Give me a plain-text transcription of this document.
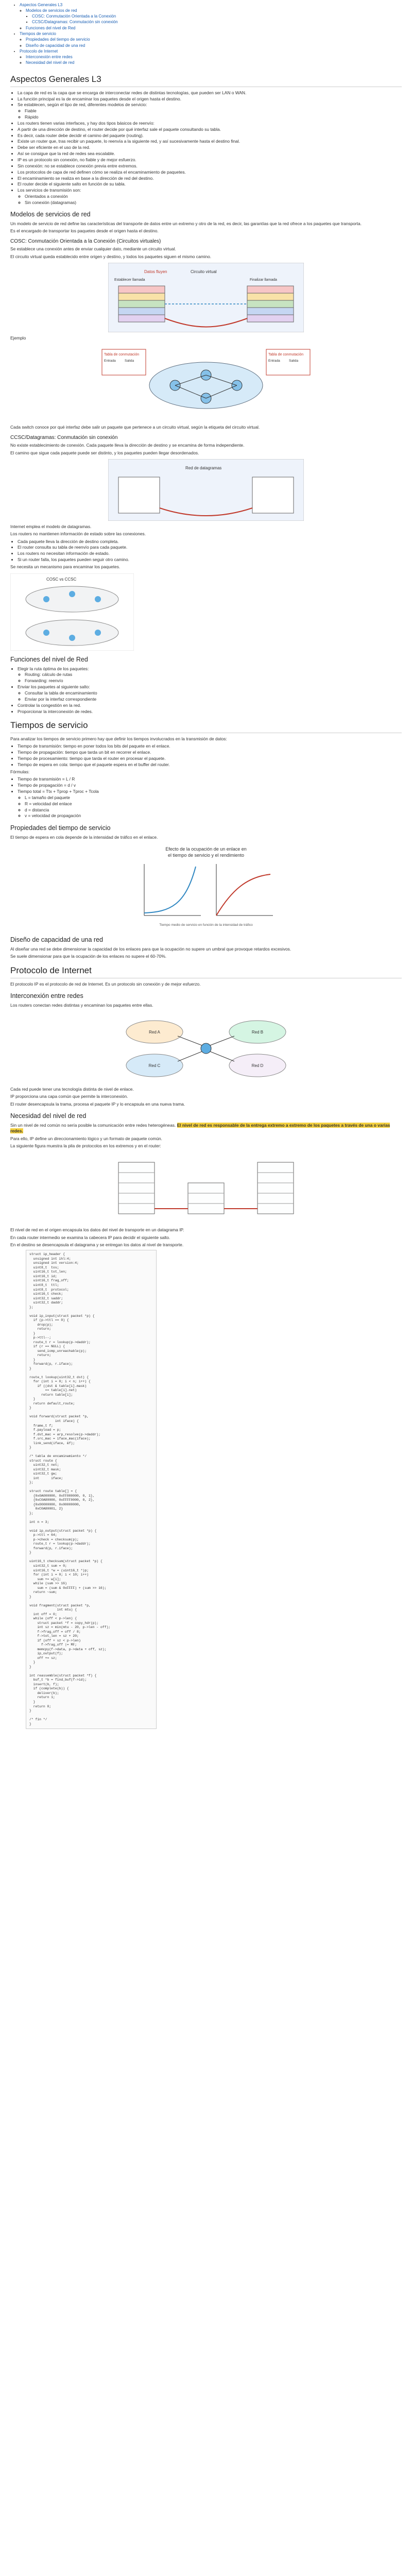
• Aspectos Generales L3
◦ Modelos de servicios de red
▪ COSC: Conmutación Orientada a la Conexión
▪ CCSC/Datagramas: Conmutación sin conexión
◦ Funciones del nivel de Red
• Tiempos de servicio
◦ Propiedades del tiempo de servicio
◦ Diseño de capacidad de una red
• Protocolo de Internet
◦ Interconexión entre redes
◦ Necesidad del nivel de red
Aspectos Generales L3
• La capa de red es la capa que se encarga de interconectar redes de distintas tecnologías, que pueden ser LAN o WAN.
• La función principal es la de encaminar los paquetes desde el origen hasta el destino.
• Se establecen, según el tipo de red, diferentes modelos de servicio:
◦ Fiable
◦ Rápido
• Los routers tienen varias interfaces, y hay dos tipos básicos de reenvío:
• A partir de una dirección de destino, el router decide por qué interfaz sale el paquete consultando su tabla.
• Es decir, cada router debe decidir el camino del paquete (routing).
• Existe un router que, tras recibir un paquete, lo reenvía a la siguiente red, y así sucesivamente hasta el destino final.
• Debe ser eficiente en el uso de la red.
• Así se consigue que la red de redes sea escalable.
• IP es un protocolo sin conexión, no fiable y de mejor esfuerzo.
• Sin conexión: no se establece conexión previa entre extremos.
• Los protocolos de capa de red definen cómo se realiza el encaminamiento de paquetes.
• El encaminamiento se realiza en base a la dirección de red del destino.
• El router decide el siguiente salto en función de su tabla.
• Los servicios de transmisión son:
◦ Orientados a conexión
◦ Sin conexión (datagramas)
Modelos de servicios de red

Un modelo de servicio de red define las características del transporte de datos entre un extremo y otro de la red, es decir, las garantías que la red ofrece a los paquetes que transporta.

Es el encargado de transportar los paquetes desde el origen hasta el destino.

COSC: Conmutación Orientada a la Conexión (Circuitos virtuales)

Se establece una conexión antes de enviar cualquier dato, mediante un circuito virtual.

El circuito virtual queda establecido entre origen y destino, y todos los paquetes siguen el mismo camino.

Datos fluyen	Circuito virtual
Establecer llamada	Finalizar llamada

Ejemplo

Tabla de conmutación
Entrada	Salida
Tabla de conmutación
Entrada	Salida

Cada switch conoce por qué interfaz debe salir un paquete que pertenece a un circuito virtual, según la etiqueta del circuito virtual.

CCSC/Datagramas: Conmutación sin conexión

No existe establecimiento de conexión. Cada paquete lleva la dirección de destino y se encamina de forma independiente.

El camino que sigue cada paquete puede ser distinto, y los paquetes pueden llegar desordenados.

Red de datagramas

Internet emplea el modelo de datagramas.

Los routers no mantienen información de estado sobre las conexiones.

• Cada paquete lleva la dirección de destino completa.
• El router consulta su tabla de reenvío para cada paquete.
• Los routers no necesitan información de estado.
• Si un router falla, los paquetes pueden seguir otro camino.

Se necesita un mecanismo para encaminar los paquetes.

COSC vs CCSC
Funciones del nivel de Red
• Elegir la ruta óptima de los paquetes:
◦ Routing: cálculo de rutas
◦ Forwarding: reenvío
• Enviar los paquetes al siguiente salto:
◦ Consultar la tabla de encaminamiento
◦ Enviar por la interfaz correspondiente
• Controlar la congestión en la red.
• Proporcionar la interconexión de redes.
Tiempos de servicio

Para analizar los tiempos de servicio primero hay que definir los tiempos involucrados en la transmisión de datos:

• Tiempo de transmisión: tiempo en poner todos los bits del paquete en el enlace.
• Tiempo de propagación: tiempo que tarda un bit en recorrer el enlace.
• Tiempo de procesamiento: tiempo que tarda el router en procesar el paquete.
• Tiempo de espera en cola: tiempo que el paquete espera en el buffer del router.

Fórmulas:

• Tiempo de transmisión = L / R
• Tiempo de propagación = d / v
• Tiempo total = Ttx + Tprop + Tproc + Tcola
◦ L = tamaño del paquete
◦ R = velocidad del enlace
◦ d = distancia
◦ v = velocidad de propagación
Propiedades del tiempo de servicio

El tiempo de espera en cola depende de la intensidad de tráfico en el enlace.

Efecto de la ocupación de un enlace en
el tiempo de servicio y el rendimiento
Tiempo medio de servicio en función de la intensidad de tráfico
Diseño de capacidad de una red

Al diseñar una red se debe dimensionar la capacidad de los enlaces para que la ocupación no supere un umbral que provoque retardos excesivos.

Se suele dimensionar para que la ocupación de los enlaces no supere el 60-70%.

Protocolo de Internet

El protocolo IP es el protocolo de red de Internet. Es un protocolo sin conexión y de mejor esfuerzo.

Interconexión entre redes

Los routers conectan redes distintas y encaminan los paquetes entre ellas.

Red A	Red B
Red C	Red D

Cada red puede tener una tecnología distinta de nivel de enlace.

IP proporciona una capa común que permite la interconexión.

El router desencapsula la trama, procesa el paquete IP y lo encapsula en una nueva trama.

Necesidad del nivel de red

Sin un nivel de red común no sería posible la comunicación entre redes heterogéneas. El nivel de red es responsable de la entrega extremo a extremo de los paquetes a través de una o varias redes.

Para ello, IP define un direccionamiento lógico y un formato de paquete común.

La siguiente figura muestra la pila de protocolos en los extremos y en el router:

El nivel de red en el origen encapsula los datos del nivel de transporte en un datagrama IP.

En cada router intermedio se examina la cabecera IP para decidir el siguiente salto.

En el destino se desencapsula el datagrama y se entregan los datos al nivel de transporte.

struct ip_header {
unsigned int ihl:4;
unsigned int version:4;
uint8_t  tos;
uint16_t tot_len;
uint16_t id;
uint16_t frag_off;
uint8_t  ttl;
uint8_t  protocol;
uint16_t check;
uint32_t saddr;
uint32_t daddr;
};

void ip_input(struct packet *p) {
if (p->ttl == 0) {
drop(p);
return;
}
p->ttl--;
route_t r = lookup(p->daddr);
if (r == NULL) {
send_icmp_unreachable(p);
return;
}
forward(p, r.iface);
}

route_t lookup(uint32_t dst) {
for (int i = 0; i < n; i++) {
if ((dst & table[i].mask)
== table[i].net)
return table[i];
}
return default_route;
}

void forward(struct packet *p,
int iface) {
frame_t f;
f.payload = p;
f.dst_mac = arp_resolve(p->daddr);
f.src_mac = iface_mac(iface);
link_send(iface, &f);
}

/* tabla de encaminamiento */
struct route {
uint32_t net;
uint32_t mask;
uint32_t gw;
int      iface;
};

struct route table[] = {
{0x0A000000, 0xFF000000, 0, 1},
{0xC0A80000, 0xFFFF0000, 0, 2},
{0x00000000, 0x00000000,
0xC0A80001, 2}
};

int n = 3;

void ip_output(struct packet *p) {
p->ttl = 64;
p->check = checksum(p);
route_t r = lookup(p->daddr);
forward(p, r.iface);
}

uint16_t checksum(struct packet *p) {
uint32_t sum = 0;
uint16_t *w = (uint16_t *)p;
for (int i = 0; i < 10; i++)
sum += w[i];
while (sum >> 16)
sum = (sum & 0xFFFF) + (sum >> 16);
return ~sum;
}

void fragment(struct packet *p,
int mtu) {
int off = 0;
while (off < p->len) {
struct packet *f = copy_hdr(p);
int sz = min(mtu - 20, p->len - off);
f->frag_off = off / 8;
f->tot_len = sz + 20;
if (off + sz < p->len)
f->frag_off |= MF;
memcpy(f->data, p->data + off, sz);
ip_output(f);
off += sz;
}
}

int reassemble(struct packet *f) {
buf_t *b = find_buf(f->id);
insert(b, f);
if (complete(b)) {
deliver(b);
return 1;
}
return 0;
}

/* fin */
}
